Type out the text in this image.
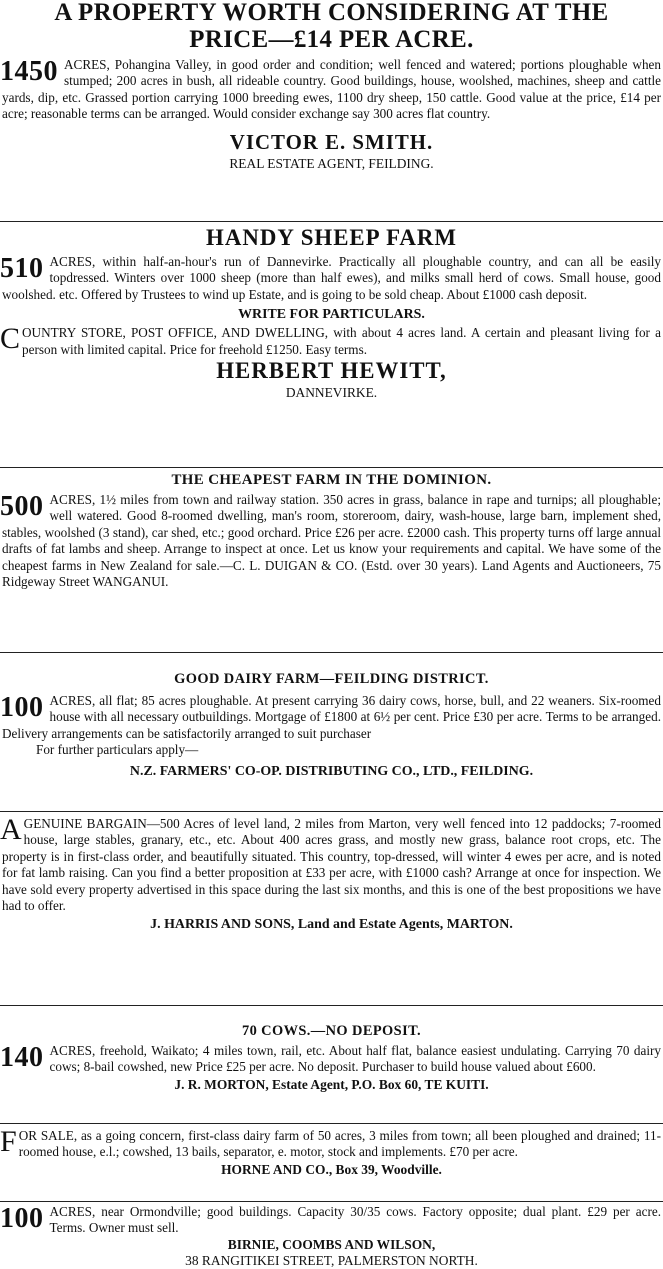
A PROPERTY WORTH CONSIDERING AT THE

PRICE—£14 PER ACRE.

1450 ACRES, Pohangina Valley, in good order and condition; well fenced and watered; portions ploughable when stumped; 200 acres in bush, all rideable country. Good buildings, house, woolshed, machines, sheep and cattle yards, dip, etc. Grassed portion carrying 1000 breeding ewes, 1100 dry sheep, 150 cattle. Good value at the price, £14 per acre; reasonable terms can be arranged. Would consider exchange say 300 acres flat country.

VICTOR E. SMITH.

REAL ESTATE AGENT, FEILDING.

HANDY SHEEP FARM

510 ACRES, within half-an-hour's run of Dannevirke. Practically all ploughable country, and can all be easily topdressed. Winters over 1000 sheep (more than half ewes), and milks small herd of cows. Small house, good woolshed. etc. Offered by Trustees to wind up Estate, and is going to be sold cheap. About £1000 cash deposit.

WRITE FOR PARTICULARS.

C OUNTRY STORE, POST OFFICE, AND DWELLING, with about 4 acres land. A certain and pleasant living for a person with limited capital. Price for freehold £1250. Easy terms.

HERBERT HEWITT,

DANNEVIRKE.

THE CHEAPEST FARM IN THE DOMINION.

500 ACRES, 1½ miles from town and railway station. 350 acres in grass, balance in rape and turnips; all ploughable; well watered. Good 8-roomed dwelling, man's room, storeroom, dairy, wash-house, large barn, implement shed, stables, woolshed (3 stand), car shed, etc.; good orchard. Price £26 per acre. £2000 cash. This property turns off large annual drafts of fat lambs and sheep. Arrange to inspect at once. Let us know your requirements and capital. We have some of the cheapest farms in New Zealand for sale.—C. L. DUIGAN & CO. (Estd. over 30 years). Land Agents and Auctioneers, 75 Ridgeway Street WANGANUI.

GOOD DAIRY FARM—FEILDING DISTRICT.

100 ACRES, all flat; 85 acres ploughable. At present carrying 36 dairy cows, horse, bull, and 22 weaners. Six-roomed house with all necessary outbuildings. Mortgage of £1800 at 6½ per cent. Price £30 per acre. Terms to be arranged. Delivery arrangements can be satisfactorily arranged to suit purchaser

For further particulars apply—

N.Z. FARMERS' CO-OP. DISTRIBUTING CO., LTD., FEILDING.

A GENUINE BARGAIN—500 Acres of level land, 2 miles from Marton, very well fenced into 12 paddocks; 7-roomed house, large stables, granary, etc., etc. About 400 acres grass, and mostly new grass, balance root crops, etc. The property is in first-class order, and beautifully situated. This country, top-dressed, will winter 4 ewes per acre, and is noted for fat lamb raising. Can you find a better proposition at £33 per acre, with £1000 cash? Arrange at once for inspection. We have sold every property advertised in this space during the last six months, and this is one of the best propositions we have had to offer.

J. HARRIS AND SONS, Land and Estate Agents, MARTON.

70 COWS.—NO DEPOSIT.

140 ACRES, freehold, Waikato; 4 miles town, rail, etc. About half flat, balance easiest undulating. Carrying 70 dairy cows; 8-bail cowshed, new Price £25 per acre. No deposit. Purchaser to build house valued about £600.

J. R. MORTON, Estate Agent, P.O. Box 60, TE KUITI.

F OR SALE, as a going concern, first-class dairy farm of 50 acres, 3 miles from town; all been ploughed and drained; 11-roomed house, e.l.; cowshed, 13 bails, separator, e. motor, stock and implements. £70 per acre.

HORNE AND CO., Box 39, Woodville.

100 ACRES, near Ormondville; good buildings. Capacity 30/35 cows. Factory opposite; dual plant. £29 per acre. Terms. Owner must sell.

BIRNIE, COOMBS AND WILSON,

38 RANGITIKEI STREET, PALMERSTON NORTH.
